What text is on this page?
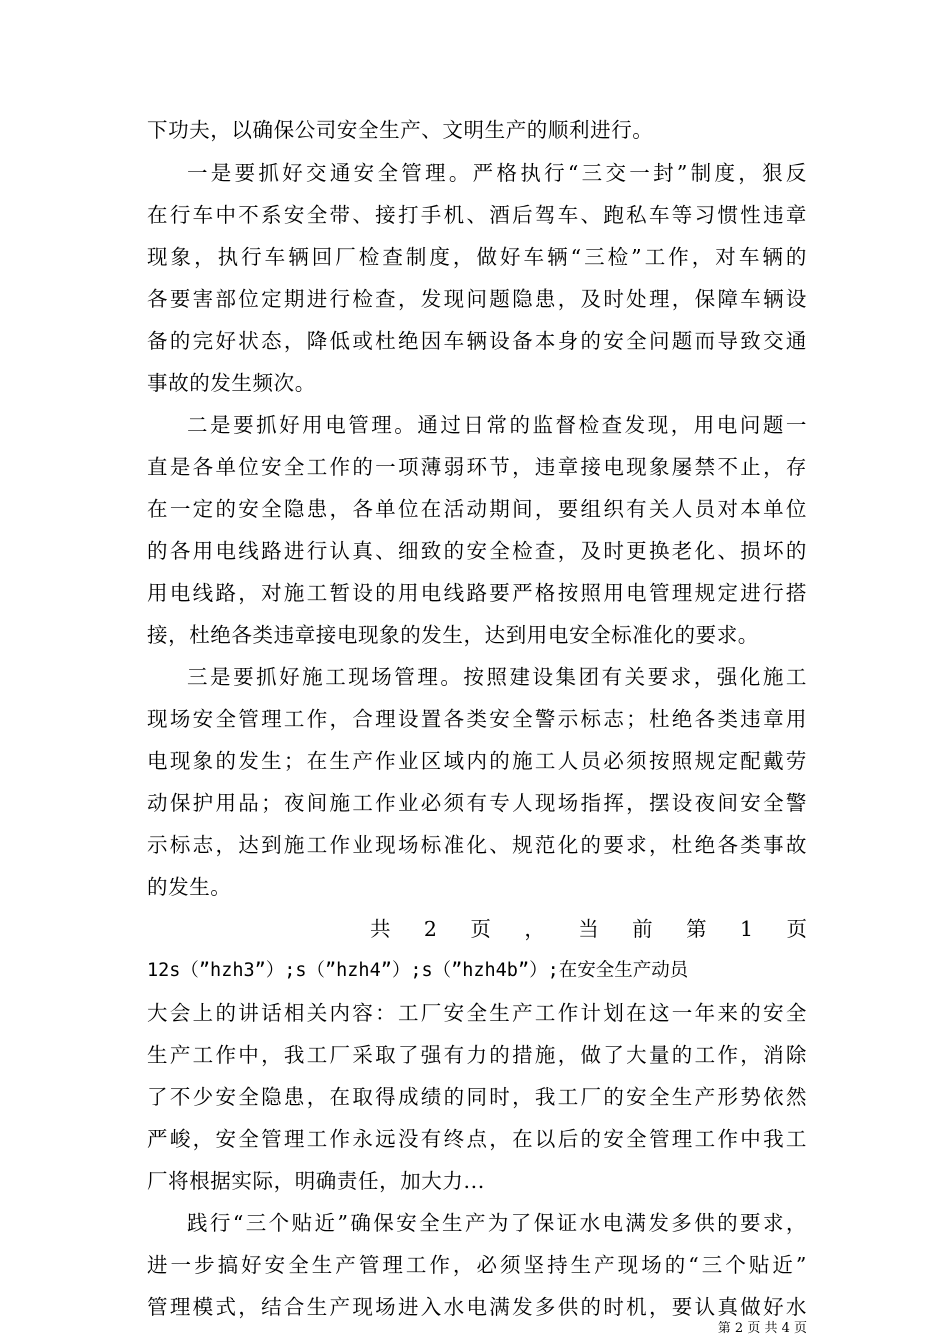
下功夫，以确保公司安全生产、文明生产的顺利进行。
一是要抓好交通安全管理。严格执行“三交一封”制度，狠反
在行车中不系安全带、接打手机、酒后驾车、跑私车等习惯性违章
现象，执行车辆回厂检查制度，做好车辆“三检”工作，对车辆的
各要害部位定期进行检查，发现问题隐患，及时处理，保障车辆设
备的完好状态，降低或杜绝因车辆设备本身的安全问题而导致交通
事故的发生频次。
二是要抓好用电管理。通过日常的监督检查发现，用电问题一
直是各单位安全工作的一项薄弱环节，违章接电现象屡禁不止，存
在一定的安全隐患，各单位在活动期间，要组织有关人员对本单位
的各用电线路进行认真、细致的安全检查，及时更换老化、损坏的
用电线路，对施工暂设的用电线路要严格按照用电管理规定进行搭
接，杜绝各类违章接电现象的发生，达到用电安全标准化的要求。
三是要抓好施工现场管理。按照建设集团有关要求，强化施工
现场安全管理工作，合理设置各类安全警示标志；杜绝各类违章用
电现象的发生；在生产作业区域内的施工人员必须按照规定配戴劳
动保护用品；夜间施工作业必须有专人现场指挥，摆设夜间安全警
示标志，达到施工作业现场标准化、规范化的要求，杜绝各类事故
的发生。
共 2 页 ， 当 前 第 1 页
12s（”hzh3”）;s（”hzh4”）;s（”hzh4b”）;在安全生产动员
大会上的讲话相关内容：工厂安全生产工作计划在这一年来的安全
生产工作中，我工厂采取了强有力的措施，做了大量的工作，消除
了不少安全隐患，在取得成绩的同时，我工厂的安全生产形势依然
严峻，安全管理工作永远没有终点，在以后的安全管理工作中我工
厂将根据实际，明确责任，加大力...
践行“三个贴近”确保安全生产为了保证水电满发多供的要求，
进一步搞好安全生产管理工作，必须坚持生产现场的“三个贴近”
管理模式，结合生产现场进入水电满发多供的时机，要认真做好水
第 2 页 共 4 页
